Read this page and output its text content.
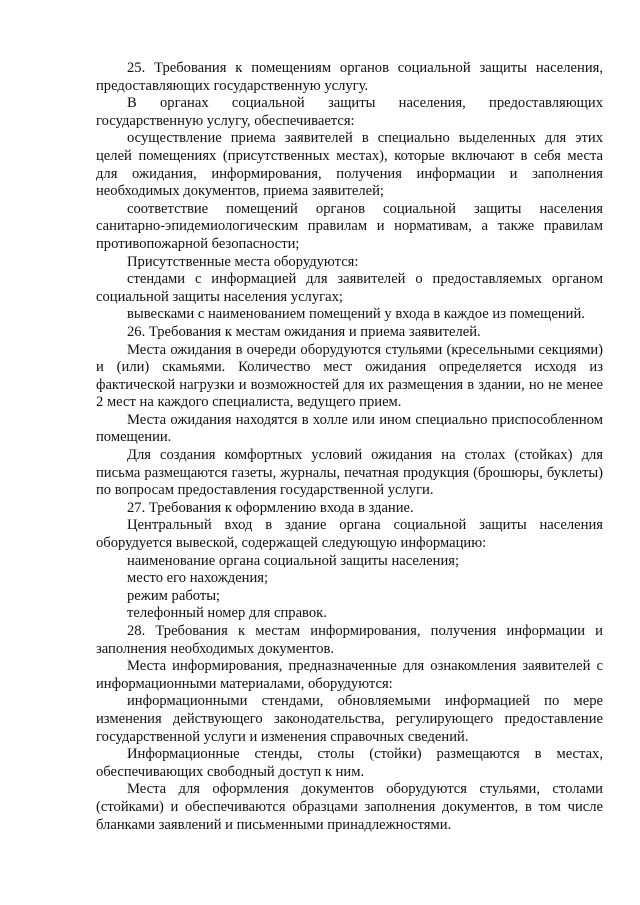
25. Требования к помещениям органов социальной защиты населения, предоставляющих государственную услугу.

В органах социальной защиты населения, предоставляющих государственную услугу, обеспечивается:

осуществление приема заявителей в специально выделенных для этих целей помещениях (присутственных местах), которые включают в себя места для ожидания, информирования, получения информации и заполнения необходимых документов, приема заявителей;

соответствие помещений органов социальной защиты населения санитарно-эпидемиологическим правилам и нормативам, а также правилам противопожарной безопасности;

Присутственные места оборудуются:

стендами с информацией для заявителей о предоставляемых органом социальной защиты населения услугах;

вывесками с наименованием помещений у входа в каждое из помещений.

26. Требования к местам ожидания и приема заявителей.

Места ожидания в очереди оборудуются стульями (кресельными секциями) и (или) скамьями. Количество мест ожидания определяется исходя из фактической нагрузки и возможностей для их размещения в здании, но не менее 2 мест на каждого специалиста, ведущего прием.

Места ожидания находятся в холле или ином специально приспособленном помещении.

Для создания комфортных условий ожидания на столах (стойках) для письма размещаются газеты, журналы, печатная продукция (брошюры, буклеты) по вопросам предоставления государственной услуги.

27. Требования к оформлению входа в здание.

Центральный вход в здание органа социальной защиты населения оборудуется вывеской, содержащей следующую информацию:

наименование органа социальной защиты населения;

место его нахождения;

режим работы;

телефонный номер для справок.

28. Требования к местам информирования, получения информации и заполнения необходимых документов.

Места информирования, предназначенные для ознакомления заявителей с информационными материалами, оборудуются:

информационными стендами, обновляемыми информацией по мере изменения действующего законодательства, регулирующего предоставление государственной услуги и изменения справочных сведений.

Информационные стенды, столы (стойки) размещаются в местах, обеспечивающих свободный доступ к ним.

Места для оформления документов оборудуются стульями, столами (стойками) и обеспечиваются образцами заполнения документов, в том числе бланками заявлений и письменными принадлежностями.
